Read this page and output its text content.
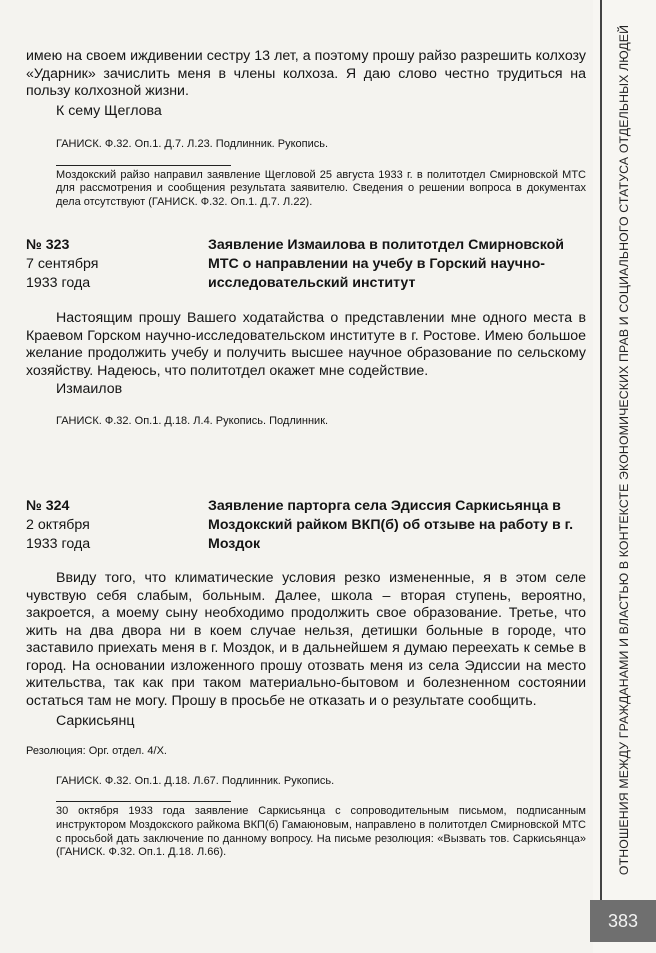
имею на своем иждивении сестру 13 лет, а поэтому прошу райзо разрешить колхозу «Ударник» зачислить меня в члены колхоза. Я даю слово честно трудиться на пользу колхозной жизни.

К сему Щеглова

ГАНИСК. Ф.32. Оп.1. Д.7. Л.23. Подлинник. Рукопись.

Моздокский райзо направил заявление Щегловой 25 августа 1933 г. в политотдел Смирновской МТС для рассмотрения и сообщения результата заявителю. Сведения о решении вопроса в документах дела отсутствуют (ГАНИСК. Ф.32. Оп.1. Д.7. Л.22).

№ 323
7 сентября
1933 года
Заявление Измаилова в политотдел Смирновской МТС о направлении на учебу в Горский научно-исследовательский институт

Настоящим прошу Вашего ходатайства о представлении мне одного места в Краевом Горском научно-исследовательском институте в г. Ростове. Имею большое желание продолжить учебу и получить высшее научное образование по сельскому хозяйству. Надеюсь, что политотдел окажет мне содействие.

Измаилов

ГАНИСК. Ф.32. Оп.1. Д.18. Л.4. Рукопись. Подлинник.

№ 324
2 октября
1933 года
Заявление парторга села Эдиссия Саркисьянца в Моздокский райком ВКП(б) об отзыве на работу в г. Моздок

Ввиду того, что климатические условия резко измененные, я в этом селе чувствую себя слабым, больным. Далее, школа – вторая ступень, вероятно, закроется, а моему сыну необходимо продолжить свое образование. Третье, что жить на два двора ни в коем случае нельзя, детишки больные в городе, что заставило приехать меня в г. Моздок, и в дальнейшем я думаю переехать к семье в город. На основании изложенного прошу отозвать меня из села Эдиссии на место жительства, так как при таком материально-бытовом и болезненном состоянии остаться там не могу. Прошу в просьбе не отказать и о результате сообщить.

Саркисьянц

Резолюция: Орг. отдел. 4/Х.

ГАНИСК. Ф.32. Оп.1. Д.18. Л.67. Подлинник. Рукопись.

30 октября 1933 года заявление Саркисьянца с сопроводительным письмом, подписанным инструктором Моздокского райкома ВКП(б) Гамаюновым, направлено в политотдел Смирновской МТС с просьбой дать заключение по данному вопросу. На письме резолюция: «Вызвать тов. Саркисьянца» (ГАНИСК. Ф.32. Оп.1. Д.18. Л.66).	ОТНОШЕНИЯ МЕЖДУ ГРАЖДАНАМИ И ВЛАСТЬЮ В КОНТЕКСТЕ ЭКОНОМИЧЕСКИХ ПРАВ И СОЦИАЛЬНОГО СТАТУСА ОТДЕЛЬНЫХ ЛЮДЕЙ
383
